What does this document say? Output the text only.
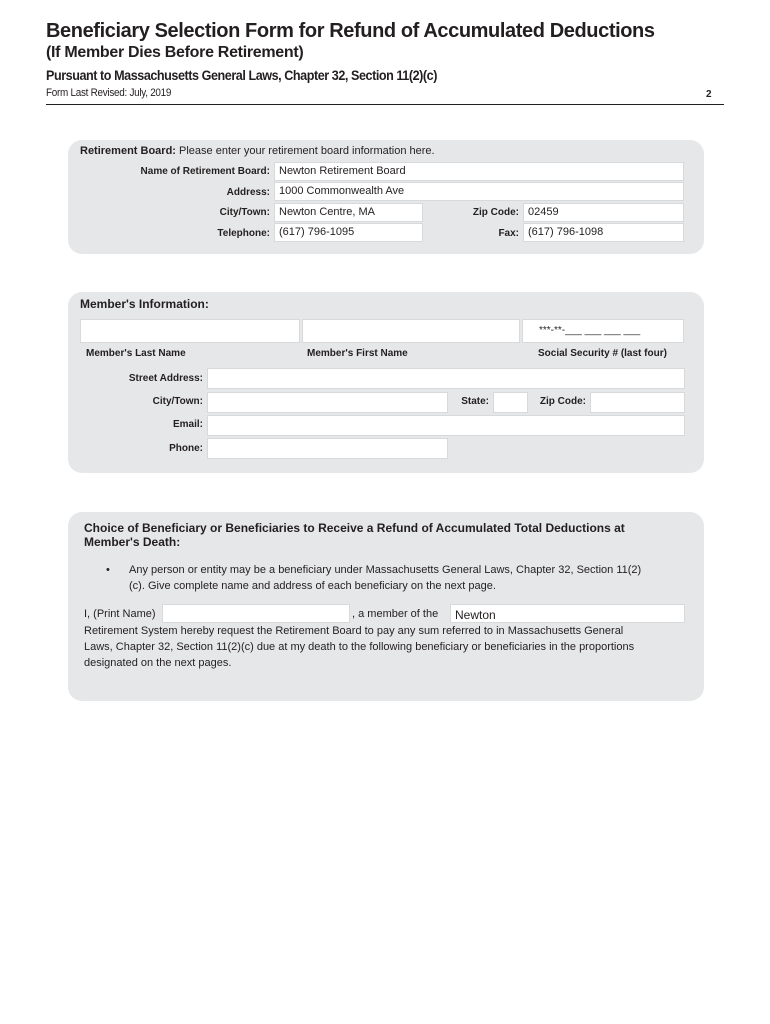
Beneficiary Selection Form for Refund of Accumulated Deductions
(If Member Dies Before Retirement)
Pursuant to Massachusetts General Laws, Chapter 32, Section 11(2)(c)
Form Last Revised: July, 2019	2
Retirement Board: Please enter your retirement board information here.
Name of Retirement Board: Newton Retirement Board
Address: 1000 Commonwealth Ave
City/Town: Newton Centre, MA	Zip Code: 02459
Telephone: (617) 796-1095	Fax: (617) 796-1098
Member's Information:
***-**-___ ___ ___ ___
Member's Last Name	Member's First Name	Social Security # (last four)
Street Address:
City/Town:	State:	Zip Code:
Email:
Phone:
Choice of Beneficiary or Beneficiaries to Receive a Refund of Accumulated Total Deductions at
Member's Death:
• Any person or entity may be a beneficiary under Massachusetts General Laws, Chapter 32, Section 11(2)
(c). Give complete name and address of each beneficiary on the next page.
I, (Print Name)	, a member of the	Newton
Retirement System hereby request the Retirement Board to pay any sum referred to in Massachusetts General
Laws, Chapter 32, Section 11(2)(c) due at my death to the following beneficiary or beneficiaries in the proportions
designated on the next pages.
